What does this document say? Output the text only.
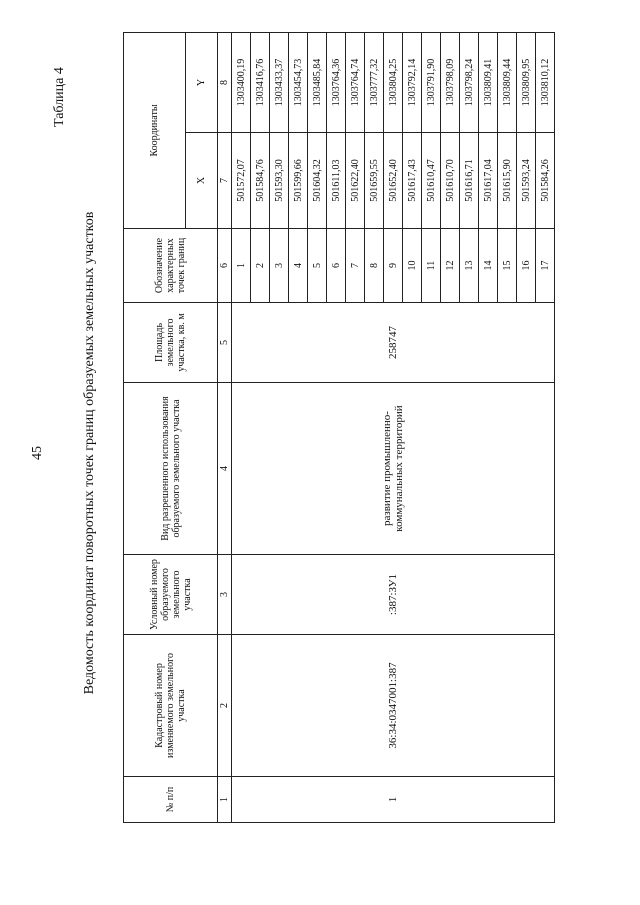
45
Таблица 4
Ведомость координат поворотных точек границ образуемых земельных участков
№ п/п	Кадастровый номер изменяемого земельного участка	Условный номер образуемого земельного участка	Вид разрешенного использования образуемого земельного участка	Площадь земельного участка, кв. м	Обозначение характерных точек границ	Координаты	
						X	Y
1	2	3	4	5	6	7	8
1	36:34:0347001:387	:387:ЗУ1	развитие промышленно-коммунальных территорий	258747	1	501572,07	1303400,19
					2	501584,76	1303416,76
					3	501593,30	1303433,37
					4	501599,66	1303454,73
					5	501604,32	1303485,84
					6	501611,03	1303764,36
					7	501622,40	1303764,74
					8	501659,55	1303777,32
					9	501652,40	1303804,25
					10	501617,43	1303792,14
					11	501610,47	1303791,90
					12	501610,70	1303798,09
					13	501616,71	1303798,24
					14	501617,04	1303809,41
					15	501615,90	1303809,44
					16	501593,24	1303809,95
					17	501584,26	1303810,12
